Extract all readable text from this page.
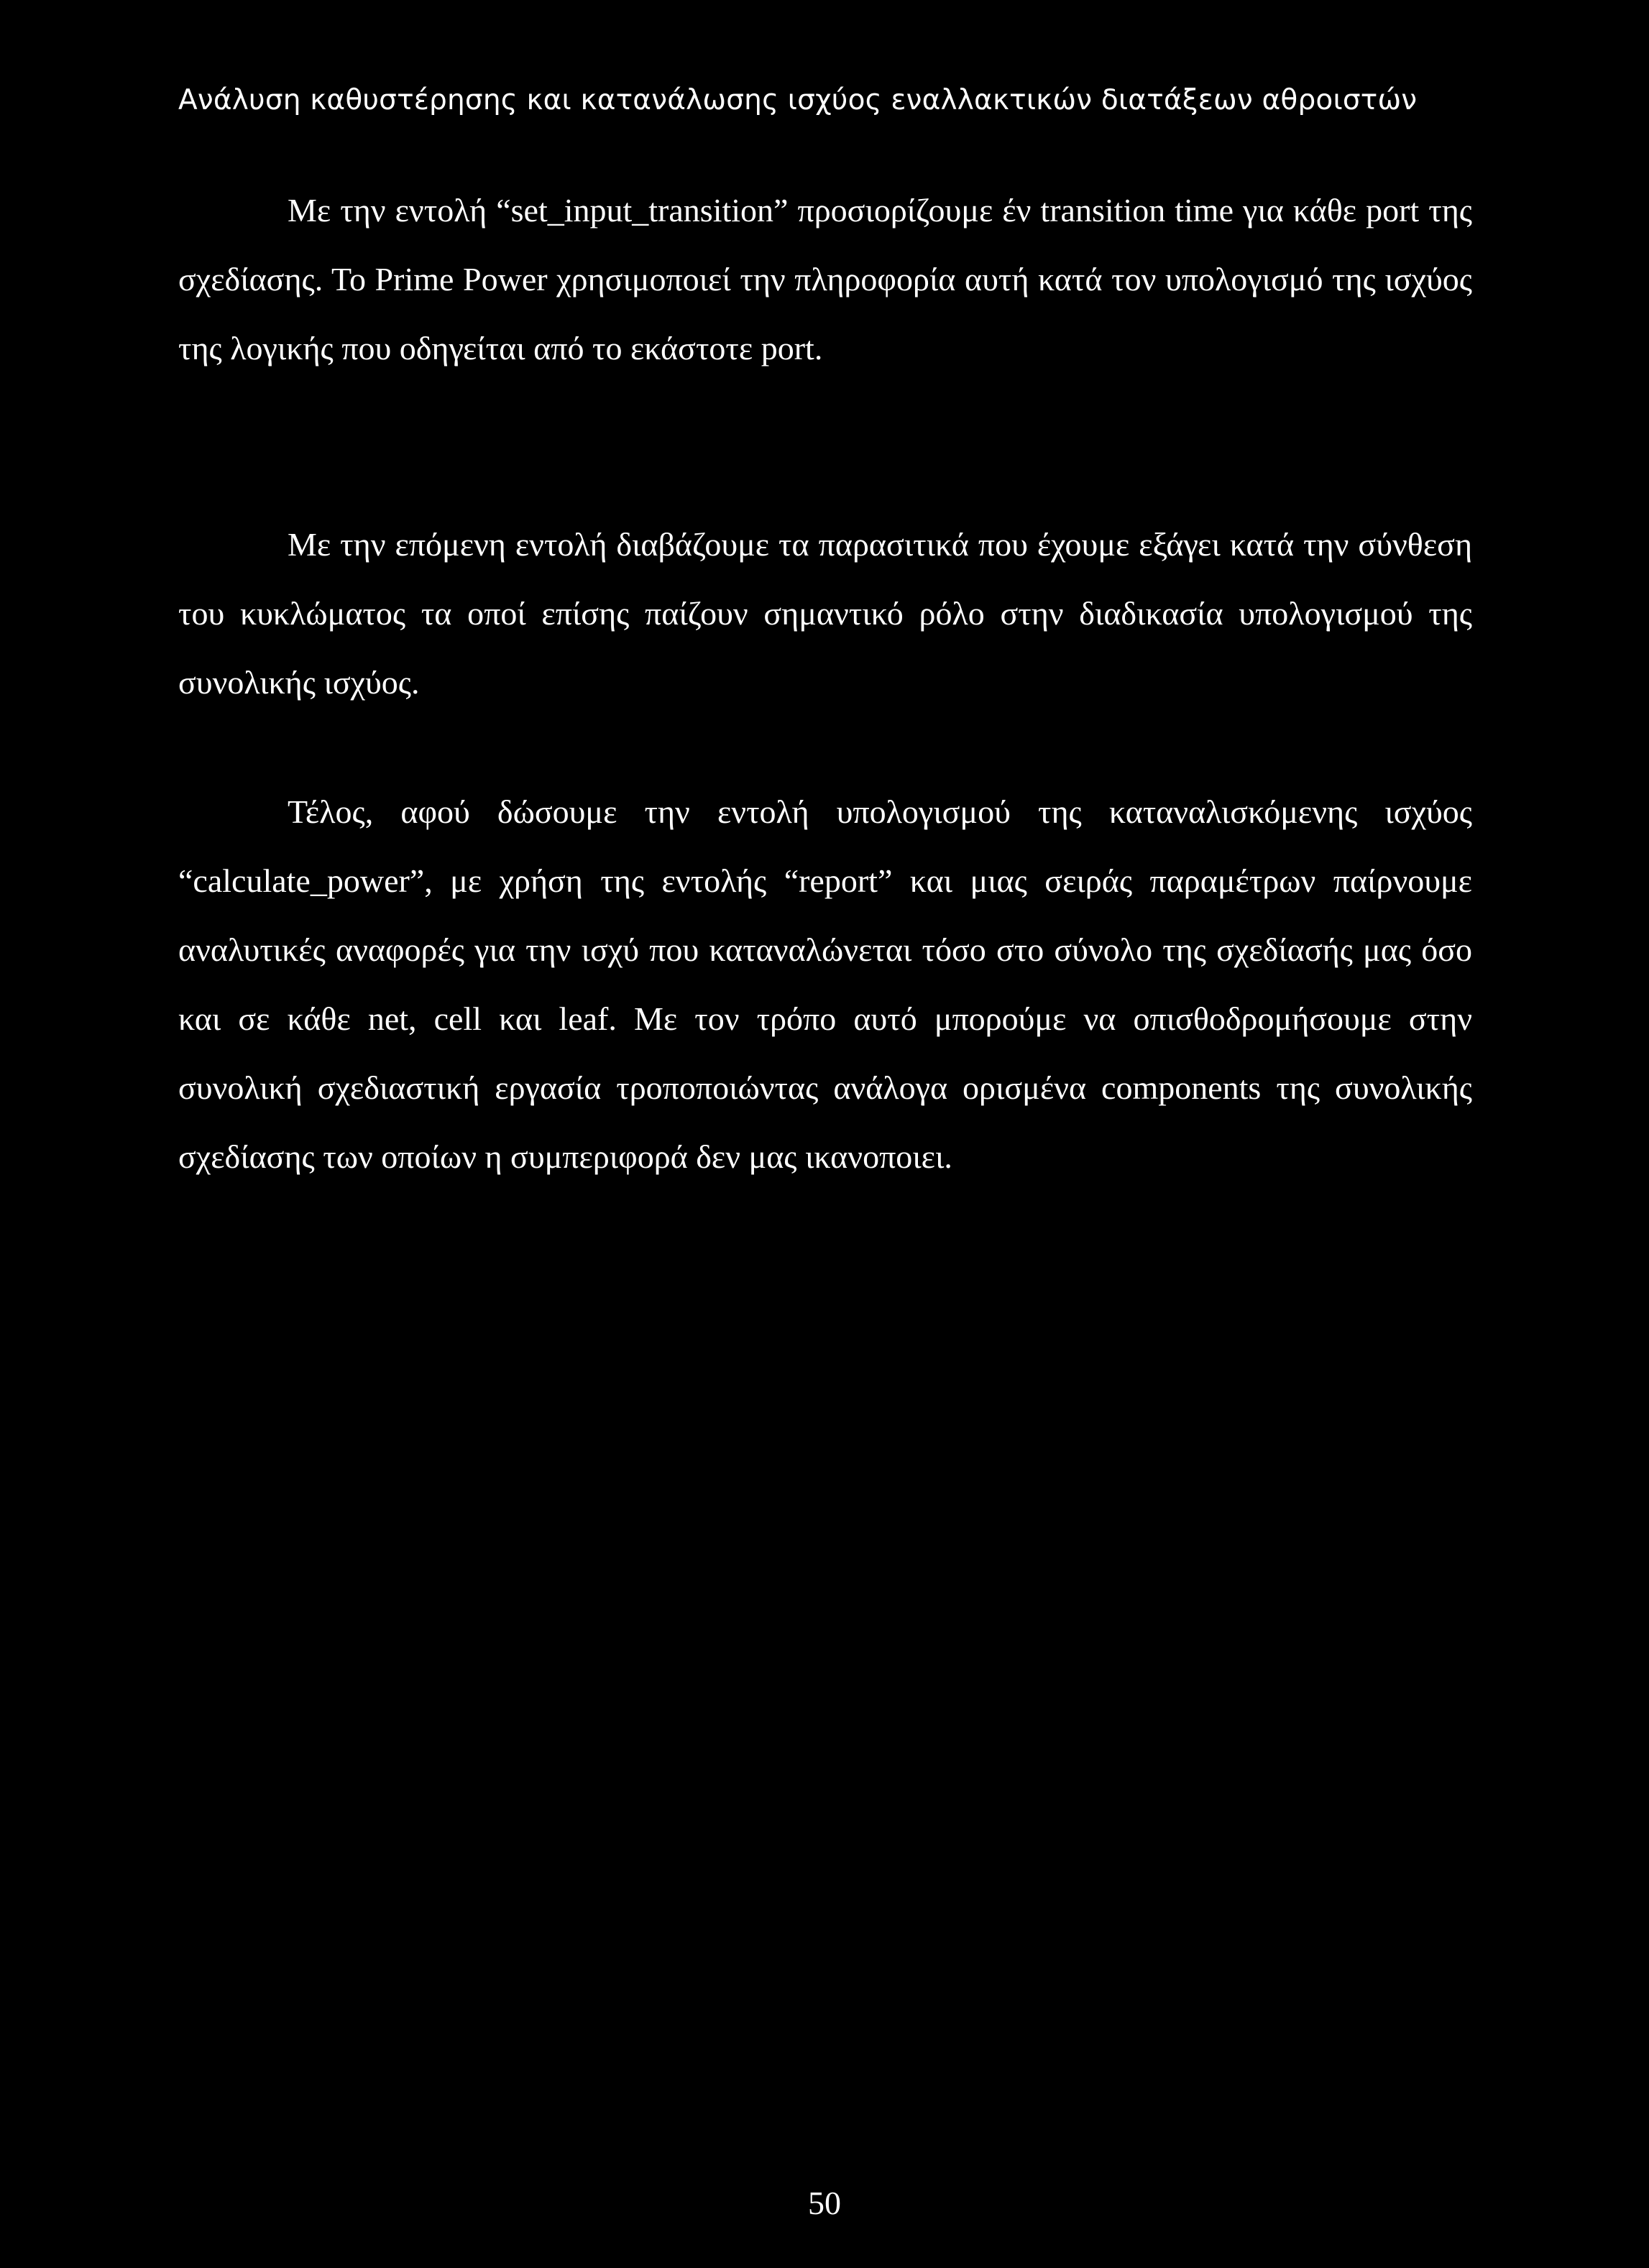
Ανάλυση καθυστέρησης και κατανάλωσης ισχύος εναλλακτικών διατάξεων αθροιστών

Με την εντολή “set_input_transition” προσιορίζουμε έν transition time για κάθε port της σχεδίασης. Το Prime Power χρησιμοποιεί την πληροφορία αυτή κατά τον υπολογισμό της ισχύος της λογικής που οδηγείται από το εκάστοτε port.

Με την επόμενη εντολή διαβάζουμε τα παρασιτικά που έχουμε εξάγει κατά την σύνθεση του κυκλώματος τα οποί επίσης παίζουν σημαντικό ρόλο στην διαδικασία υπολογισμού της συνολικής ισχύος.

Τέλος, αφού δώσουμε την εντολή υπολογισμού της καταναλισκόμενης ισχύος “calculate_power”, με χρήση της εντολής “report” και μιας σειράς παραμέτρων παίρνουμε αναλυτικές αναφορές για την ισχύ που καταναλώνεται τόσο στο σύνολο της σχεδίασής μας όσο και σε κάθε net, cell και leaf. Με τον τρόπο αυτό μπορούμε να οπισθοδρομήσουμε στην συνολική σχεδιαστική εργασία τροποποιώντας ανάλογα ορισμένα components της συνολικής σχεδίασης των οποίων η συμπεριφορά δεν μας ικανοποιει.

50
